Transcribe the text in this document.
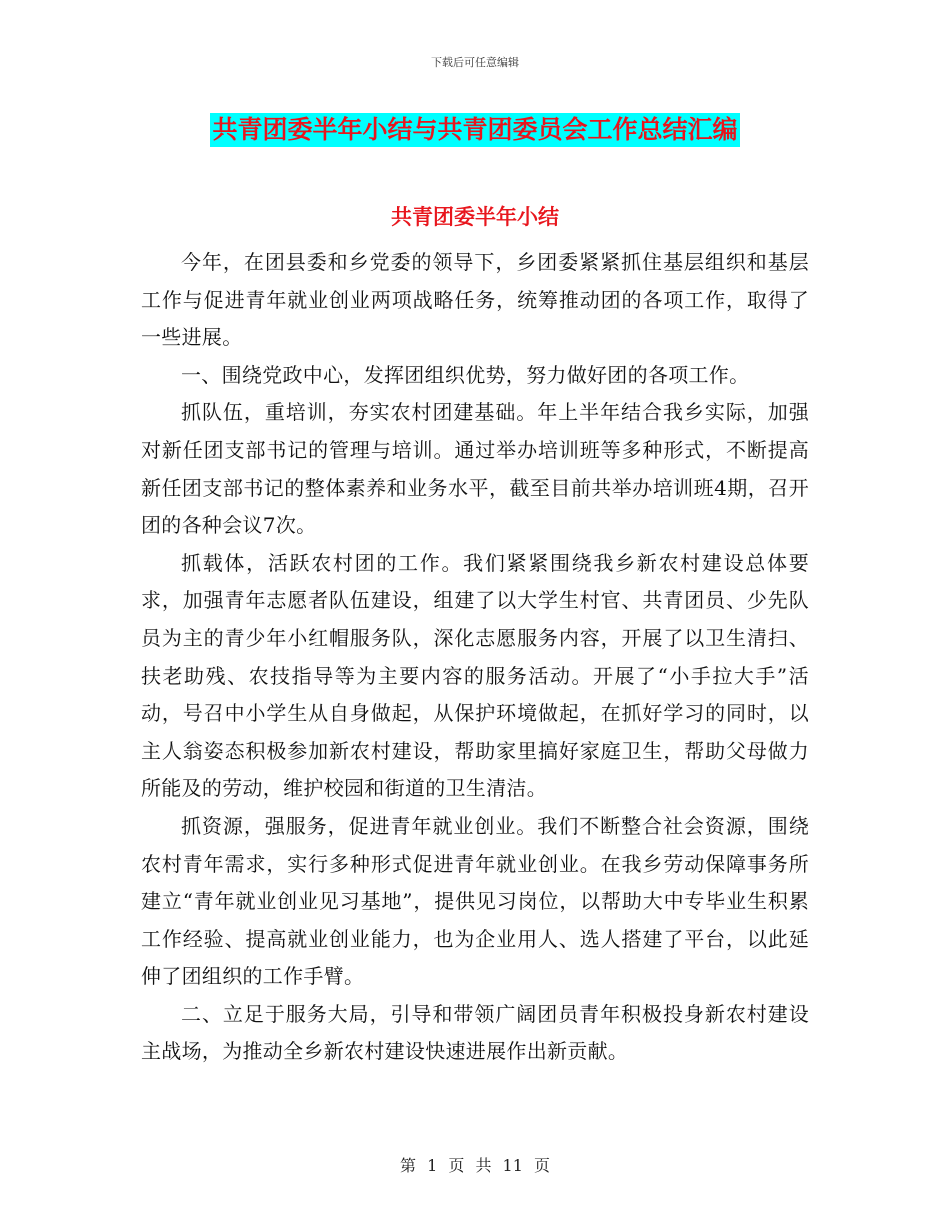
下载后可任意编辑
共青团委半年小结与共青团委员会工作总结汇编
共青团委半年小结

今年，在团县委和乡党委的领导下，乡团委紧紧抓住基层组织和基层工作与促进青年就业创业两项战略任务，统筹推动团的各项工作，取得了一些进展。

一、围绕党政中心，发挥团组织优势，努力做好团的各项工作。

抓队伍，重培训，夯实农村团建基础。年上半年结合我乡实际，加强对新任团支部书记的管理与培训。通过举办培训班等多种形式，不断提高新任团支部书记的整体素养和业务水平，截至目前共举办培训班4期，召开团的各种会议7次。

抓载体，活跃农村团的工作。我们紧紧围绕我乡新农村建设总体要求，加强青年志愿者队伍建设，组建了以大学生村官、共青团员、少先队员为主的青少年小红帽服务队，深化志愿服务内容，开展了以卫生清扫、扶老助残、农技指导等为主要内容的服务活动。开展了“小手拉大手”活动，号召中小学生从自身做起，从保护环境做起，在抓好学习的同时，以主人翁姿态积极参加新农村建设，帮助家里搞好家庭卫生，帮助父母做力所能及的劳动，维护校园和街道的卫生清洁。

抓资源，强服务，促进青年就业创业。我们不断整合社会资源，围绕农村青年需求，实行多种形式促进青年就业创业。在我乡劳动保障事务所建立“青年就业创业见习基地”，提供见习岗位，以帮助大中专毕业生积累工作经验、提高就业创业能力，也为企业用人、选人搭建了平台，以此延伸了团组织的工作手臂。

二、立足于服务大局，引导和带领广阔团员青年积极投身新农村建设主战场，为推动全乡新农村建设快速进展作出新贡献。

第 1 页 共 11 页
